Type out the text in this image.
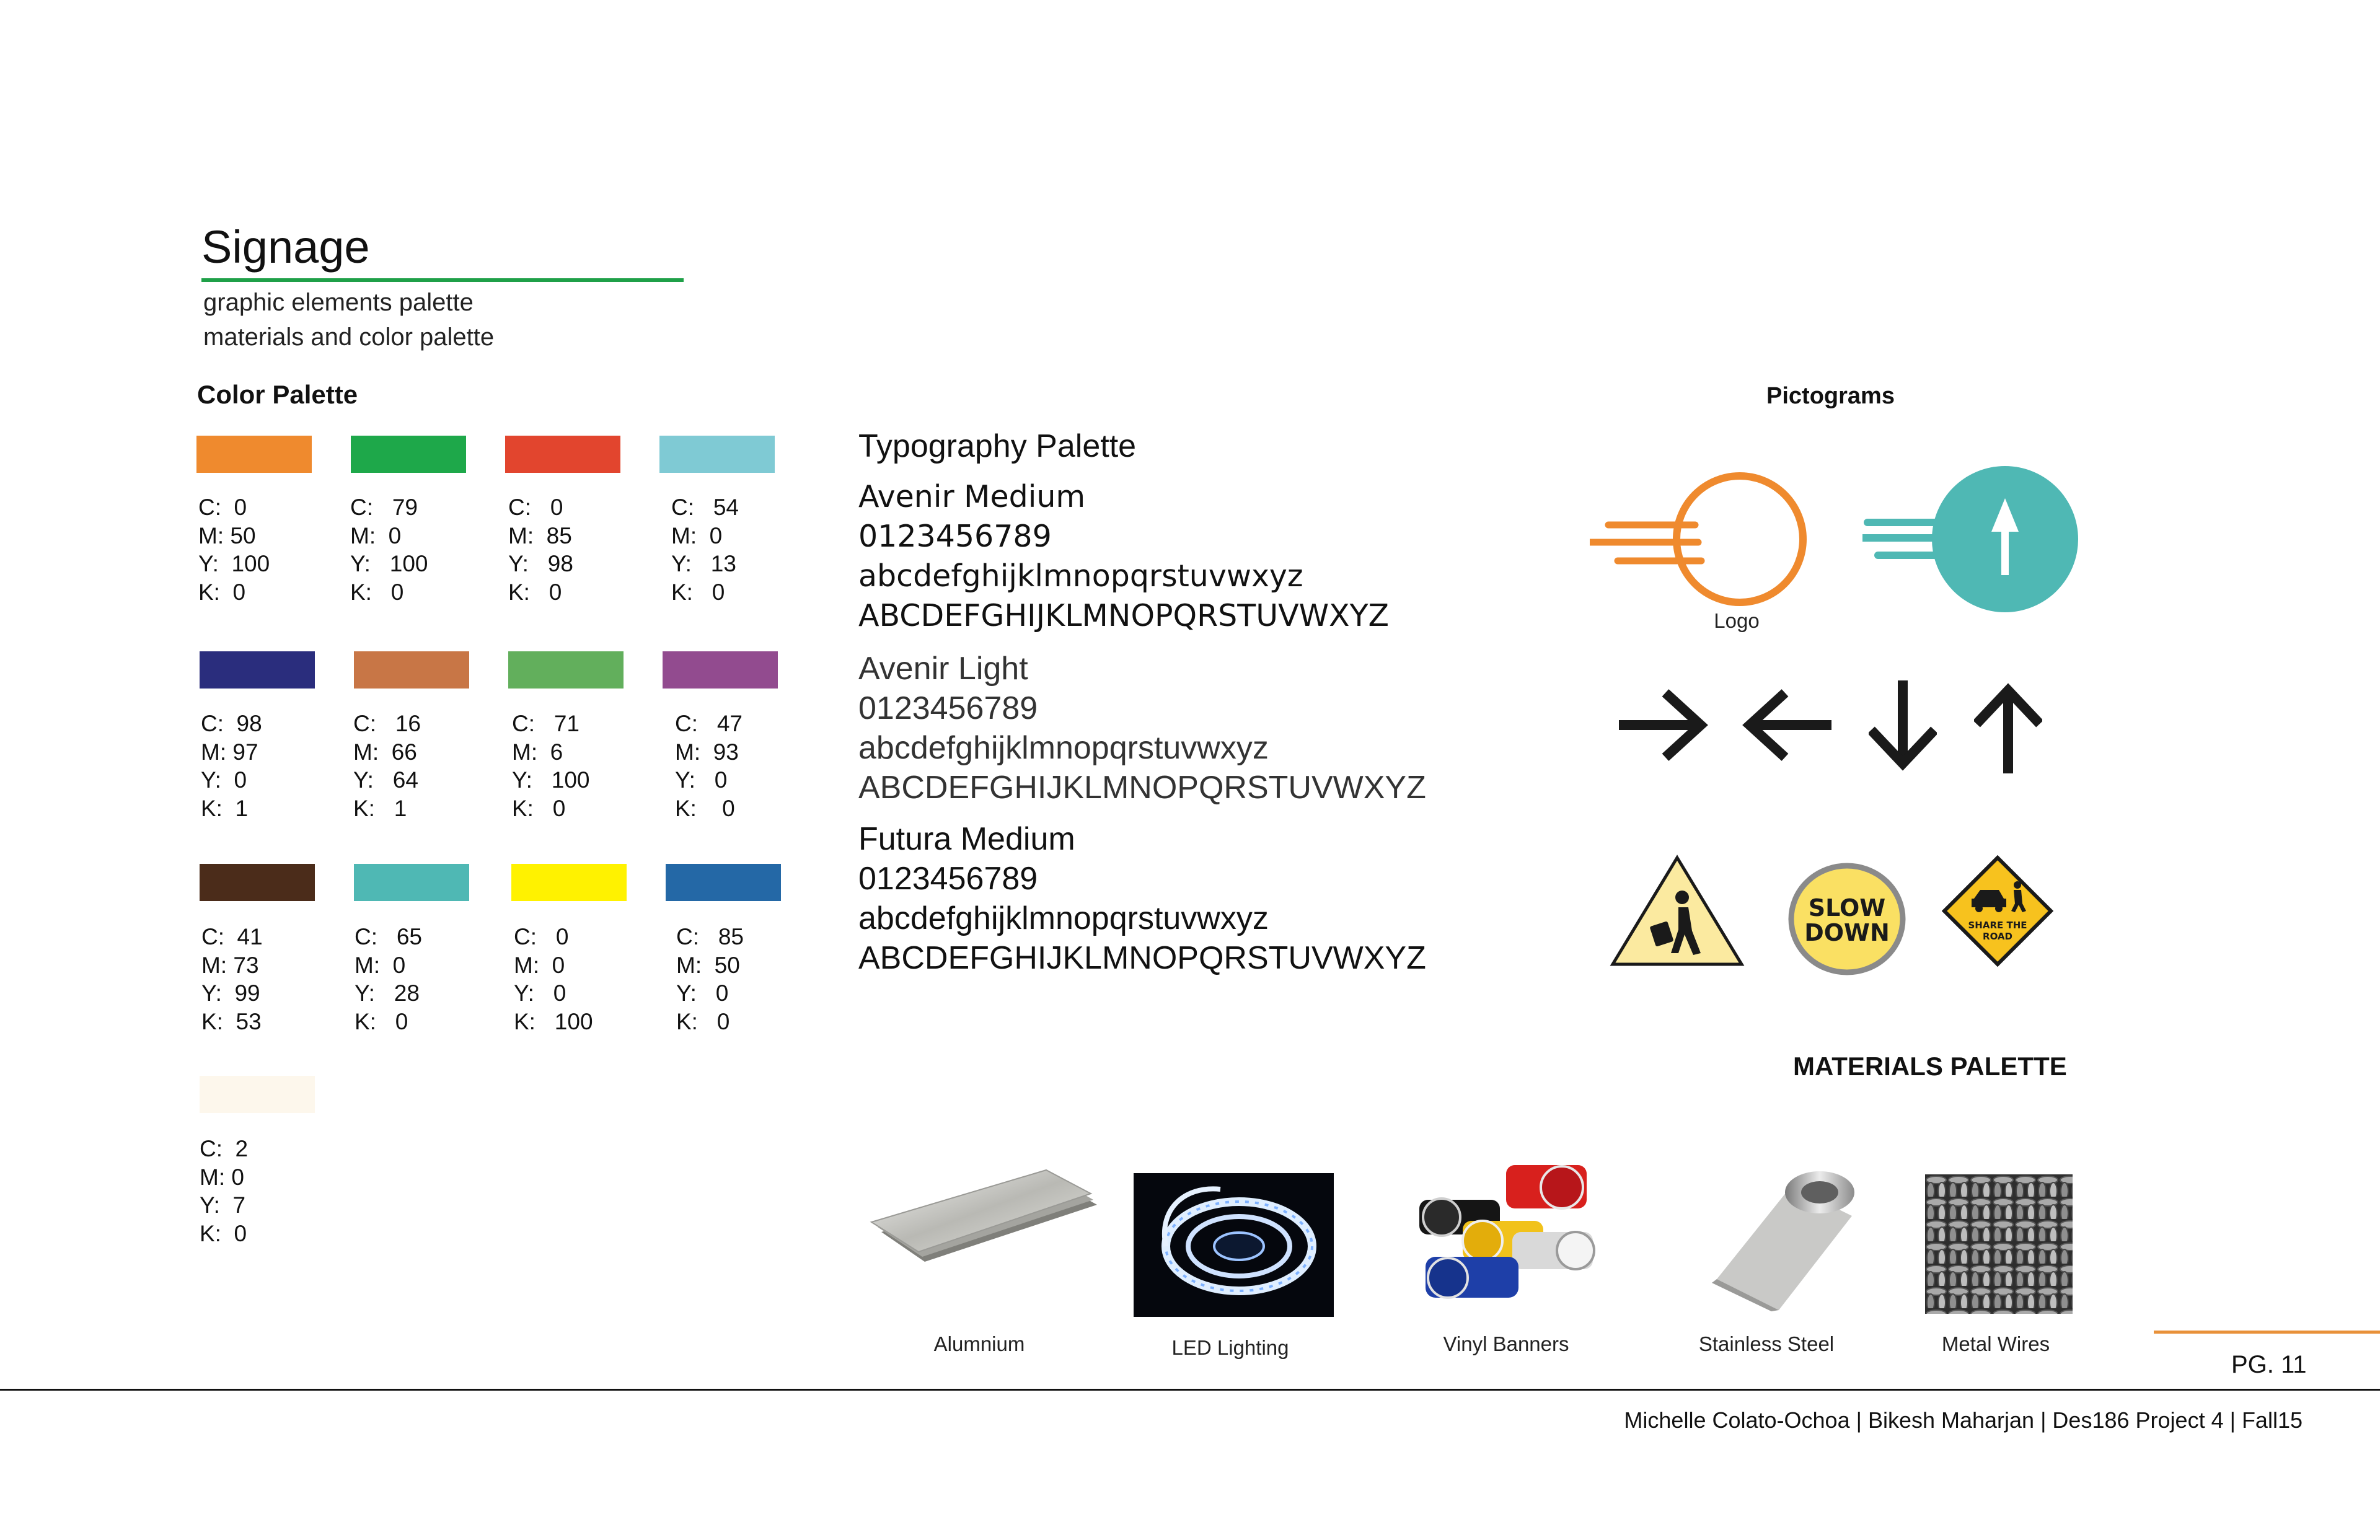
Signage
graphic elements palette
materials and color palette
Color Palette
C:  0
M: 50
Y:  100
K:  0
C:   79
M:  0
Y:   100
K:   0
C:   0
M:  85
Y:   98
K:   0
C:   54
M:  0
Y:   13
K:   0
C:  98
M: 97
Y:  0
K:  1
C:   16
M:  66
Y:   64
K:   1
C:   71
M:  6
Y:   100
K:   0
C:   47
M:  93
Y:   0
K:    0
C:  41
M: 73
Y:  99
K:  53
C:   65
M:  0
Y:   28
K:   0
C:   0
M:  0
Y:   0
K:   100
C:   85
M:  50
Y:   0
K:   0
C:  2
M: 0
Y:  7
K:  0
Typography Palette
Avenir Medium
0123456789
abcdefghijklmnopqrstuvwxyz
ABCDEFGHIJKLMNOPQRSTUVWXYZ
Avenir Light
0123456789
abcdefghijklmnopqrstuvwxyz
ABCDEFGHIJKLMNOPQRSTUVWXYZ
Futura Medium
0123456789
abcdefghijklmnopqrstuvwxyz
ABCDEFGHIJKLMNOPQRSTUVWXYZ
Pictograms
Logo
SLOW
DOWN	SHARE THE
ROAD
MATERIALS PALETTE
Alumnium	LED Lighting	Vinyl Banners	Stainless Steel	Metal Wires
PG. 11
Michelle Colato-Ochoa | Bikesh Maharjan | Des186 Project 4 | Fall15
